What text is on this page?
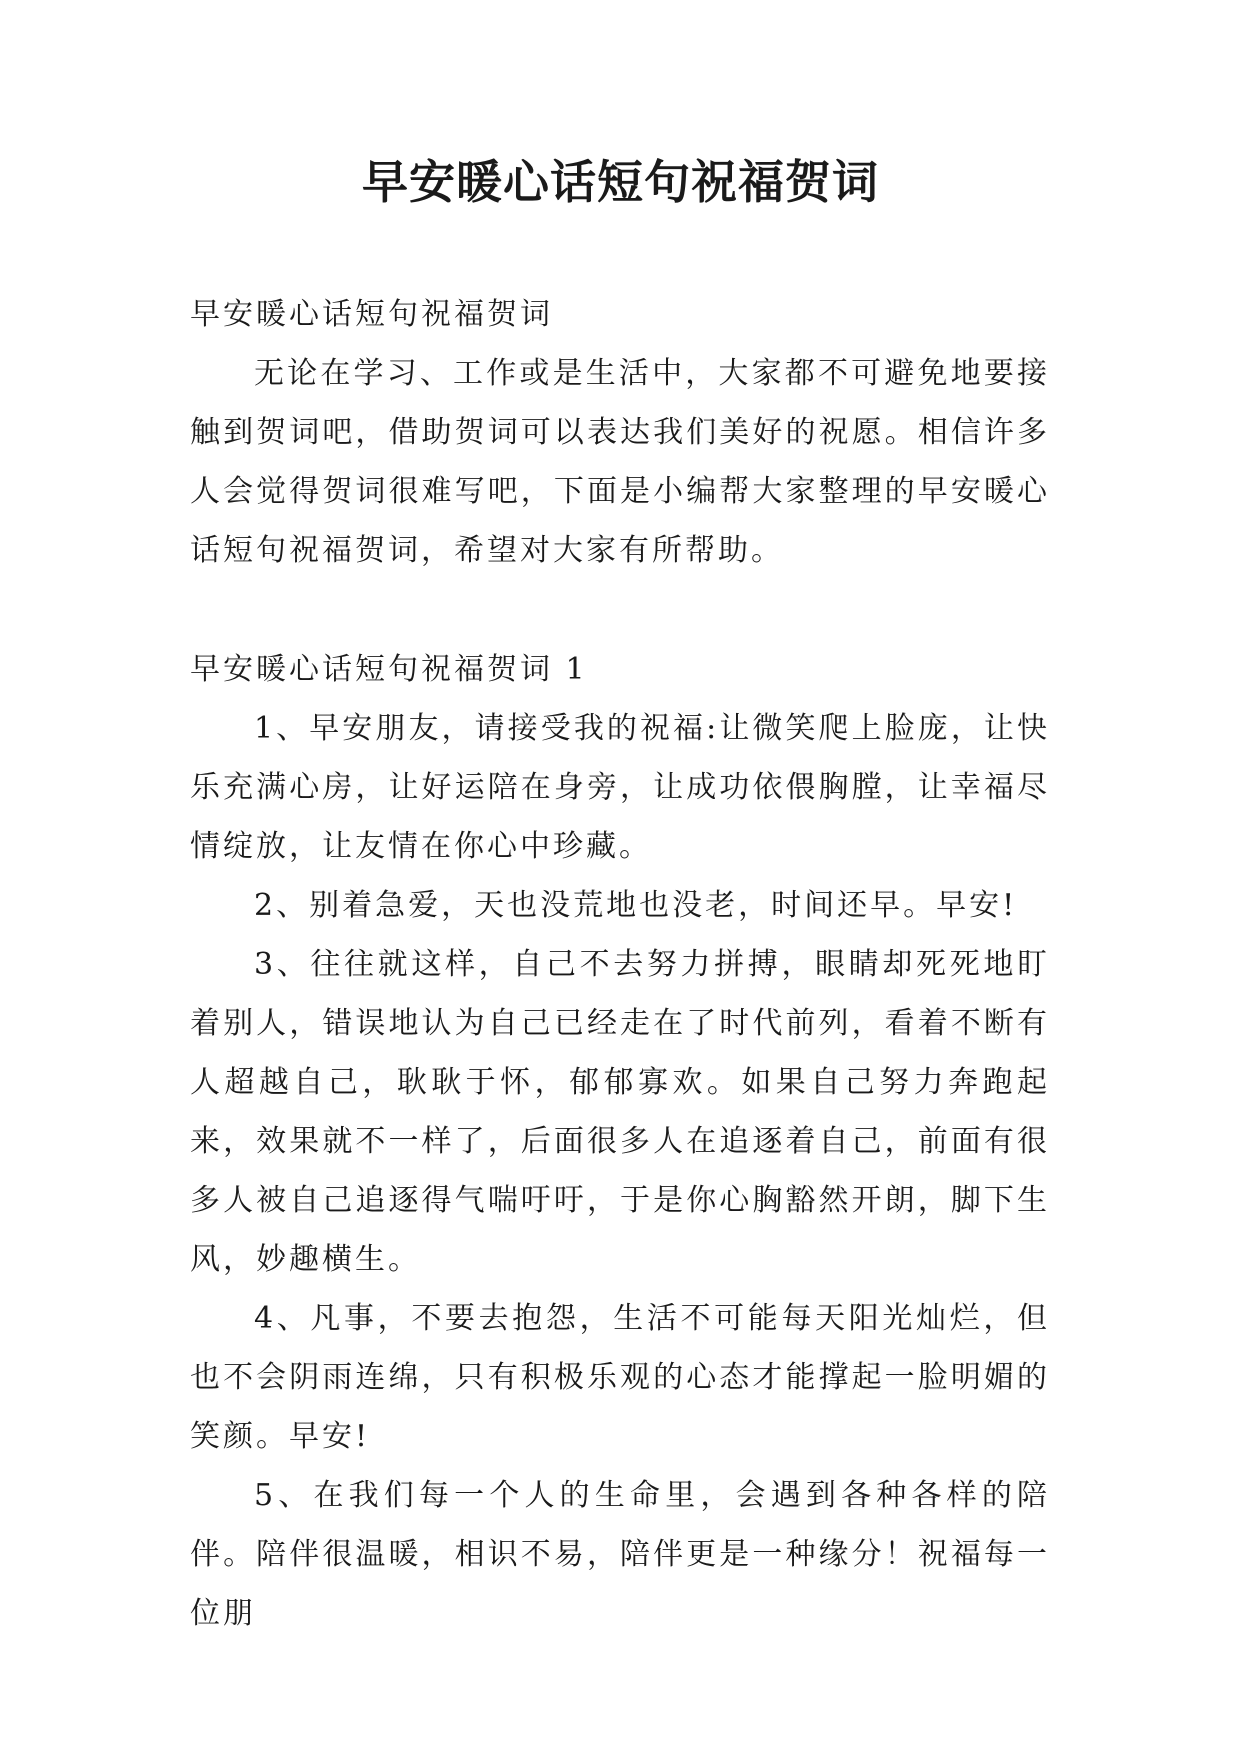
早安暖心话短句祝福贺词

早安暖心话短句祝福贺词

无论在学习、工作或是生活中，大家都不可避免地要接触到贺词吧，借助贺词可以表达我们美好的祝愿。相信许多人会觉得贺词很难写吧，下面是小编帮大家整理的早安暖心话短句祝福贺词，希望对大家有所帮助。

早安暖心话短句祝福贺词 1

1、早安朋友，请接受我的祝福:让微笑爬上脸庞，让快乐充满心房，让好运陪在身旁，让成功依偎胸膛，让幸福尽情绽放，让友情在你心中珍藏。

2、别着急爱，天也没荒地也没老，时间还早。早安!

3、往往就这样，自己不去努力拼搏，眼睛却死死地盯着别人，错误地认为自己已经走在了时代前列，看着不断有人超越自己，耿耿于怀，郁郁寡欢。如果自己努力奔跑起来，效果就不一样了，后面很多人在追逐着自己，前面有很多人被自己追逐得气喘吁吁，于是你心胸豁然开朗，脚下生风，妙趣横生。

4、凡事，不要去抱怨，生活不可能每天阳光灿烂，但也不会阴雨连绵，只有积极乐观的心态才能撑起一脸明媚的笑颜。早安!

5、在我们每一个人的生命里，会遇到各种各样的陪伴。陪伴很温暖，相识不易，陪伴更是一种缘分！祝福每一位朋
